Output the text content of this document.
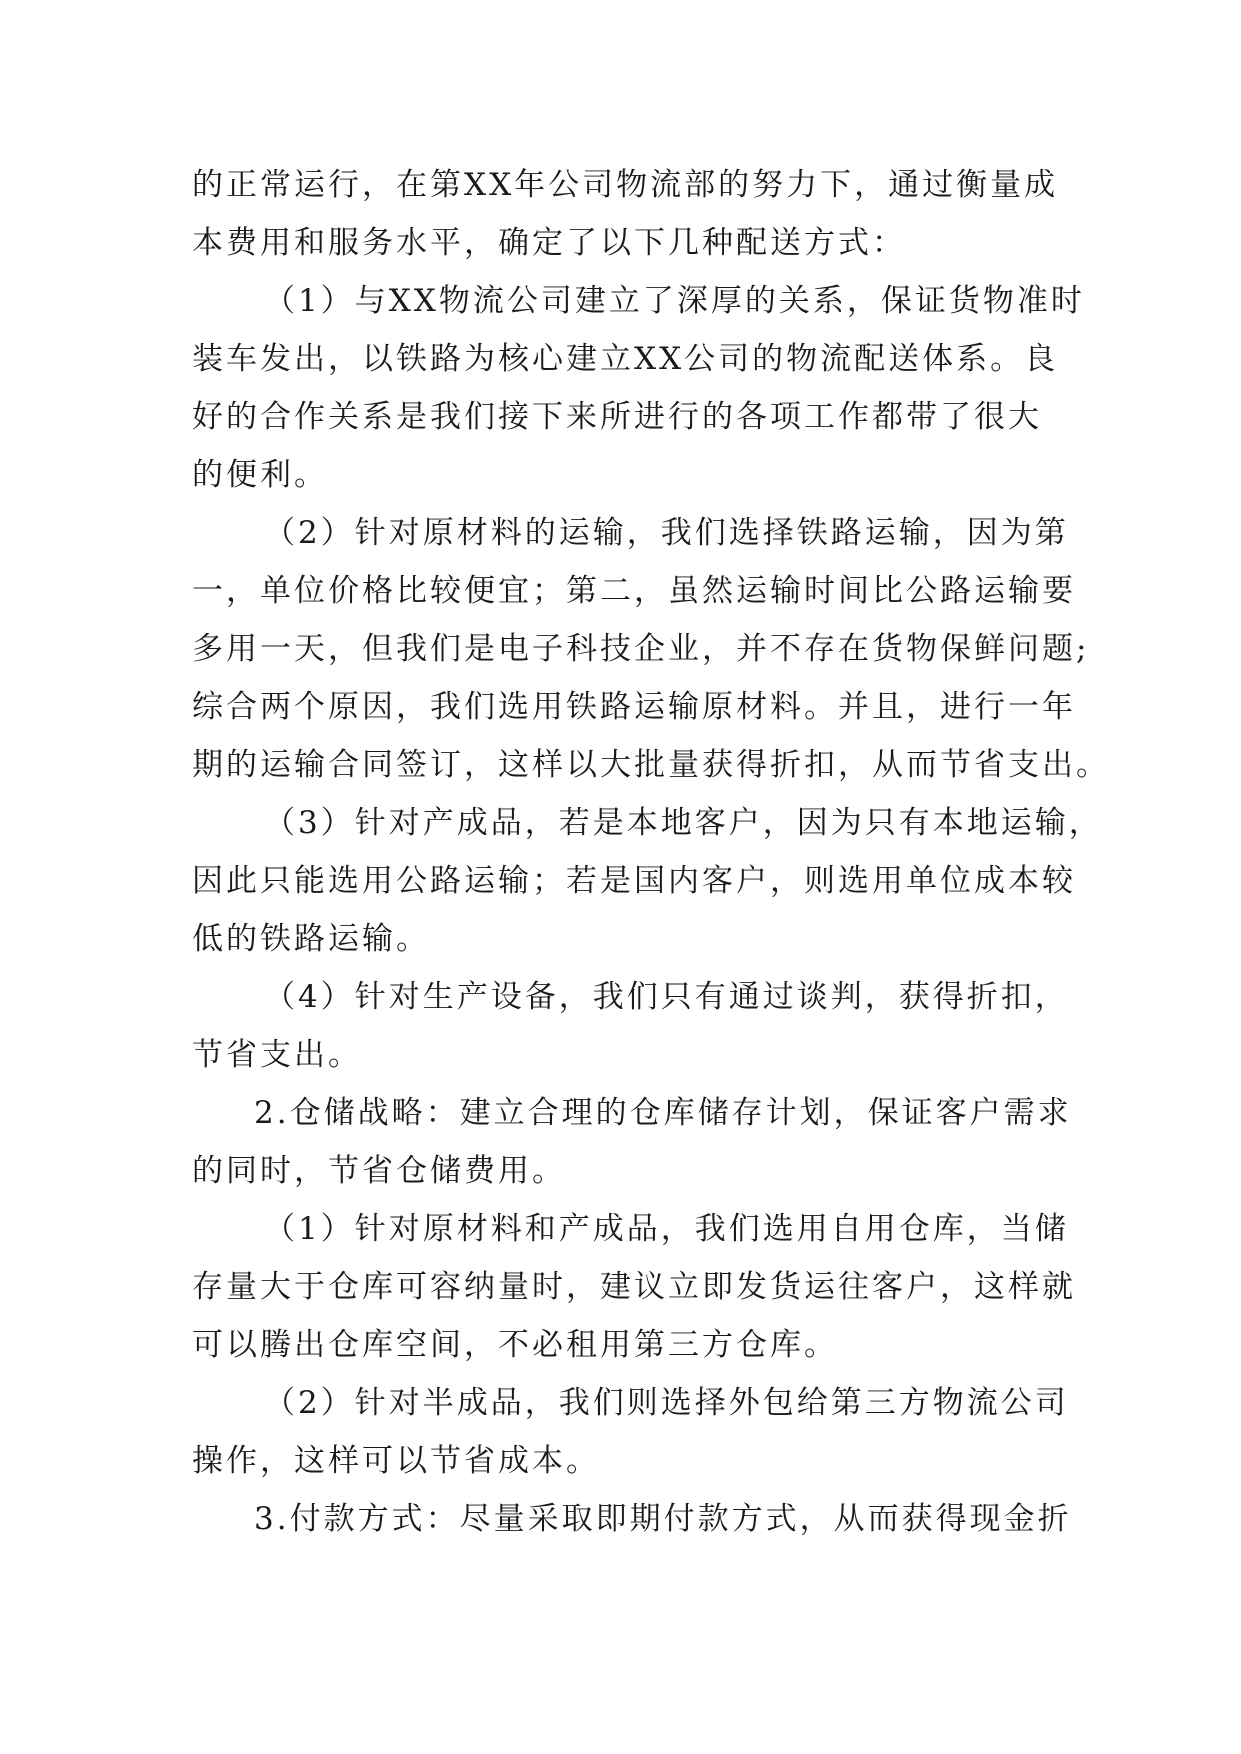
的正常运行，在第XX年公司物流部的努力下，通过衡量成
本费用和服务水平，确定了以下几种配送方式：
（1）与XX物流公司建立了深厚的关系，保证货物准时
装车发出，以铁路为核心建立XX公司的物流配送体系。良
好的合作关系是我们接下来所进行的各项工作都带了很大
的便利。
（2）针对原材料的运输，我们选择铁路运输，因为第
一，单位价格比较便宜；第二，虽然运输时间比公路运输要
多用一天，但我们是电子科技企业，并不存在货物保鲜问题;
综合两个原因，我们选用铁路运输原材料。并且，进行一年
期的运输合同签订，这样以大批量获得折扣，从而节省支出。
（3）针对产成品，若是本地客户，因为只有本地运输，
因此只能选用公路运输；若是国内客户，则选用单位成本较
低的铁路运输。
（4）针对生产设备，我们只有通过谈判，获得折扣，
节省支出。
2.仓储战略：建立合理的仓库储存计划，保证客户需求
的同时，节省仓储费用。
（1）针对原材料和产成品，我们选用自用仓库，当储
存量大于仓库可容纳量时，建议立即发货运往客户，这样就
可以腾出仓库空间，不必租用第三方仓库。
（2）针对半成品，我们则选择外包给第三方物流公司
操作，这样可以节省成本。
3.付款方式：尽量采取即期付款方式，从而获得现金折
